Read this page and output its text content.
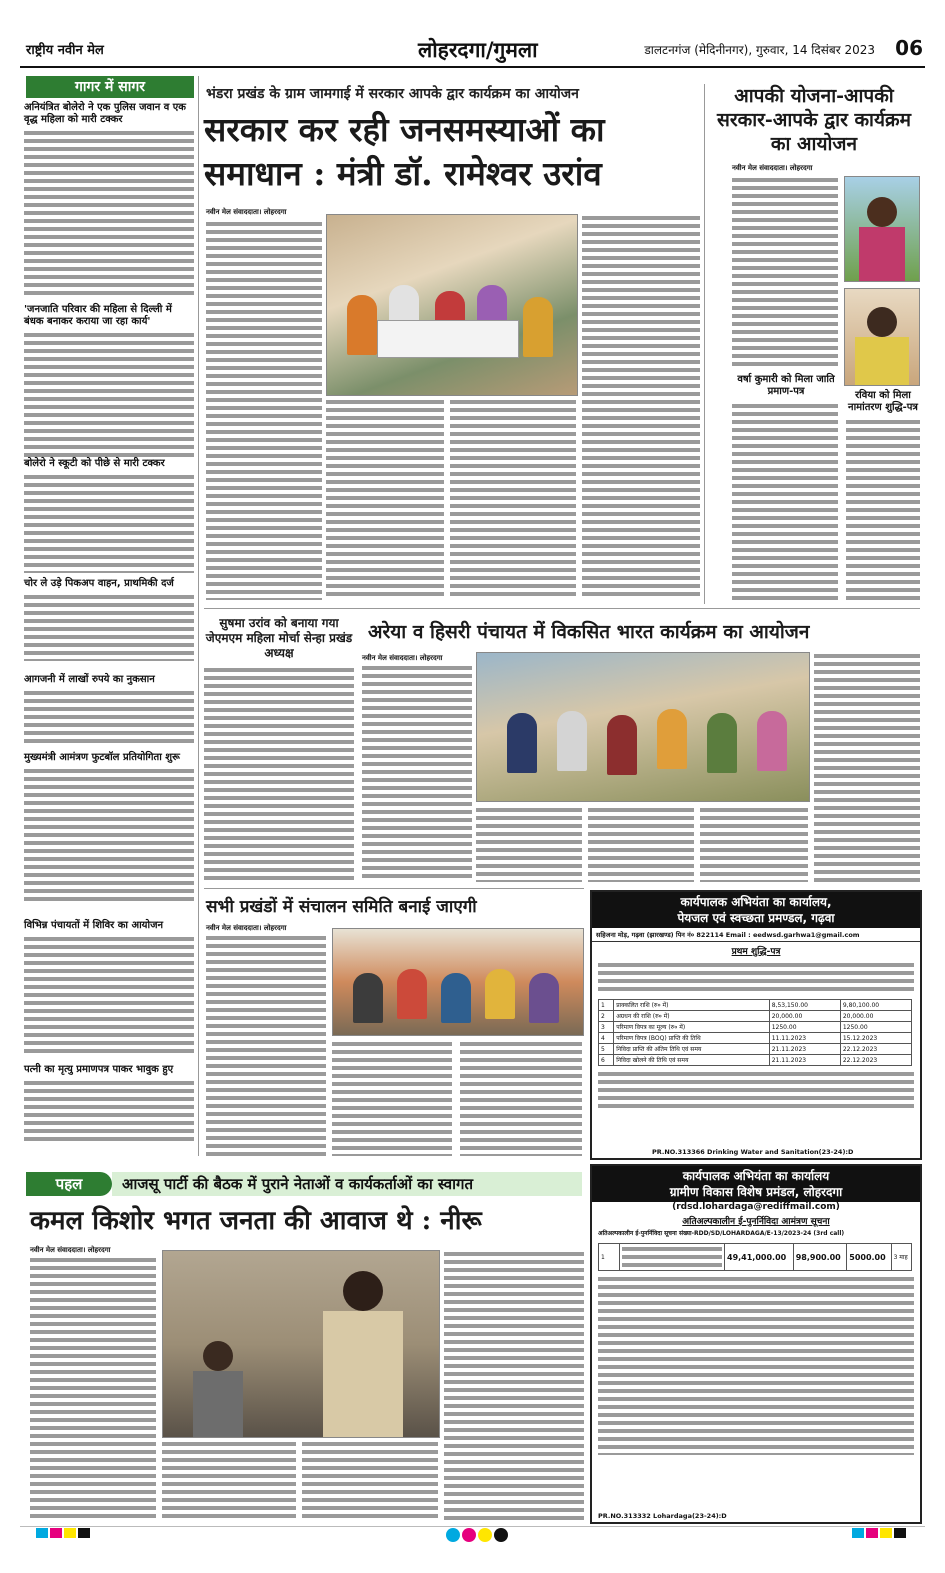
राष्ट्रीय नवीन मेल	लोहरदगा/गुमला	डालटनगंज (मेदिनीनगर), गुरुवार, 14 दिसंबर 2023 06
गागर में सागर
अनियंत्रित बोलेरो ने एक पुलिस जवान व एक वृद्ध महिला को मारी टक्कर
'जनजाति परिवार की महिला से दिल्ली में बंधक बनाकर कराया जा रहा कार्य'
बोलेरो ने स्कूटी को पीछे से मारी टक्कर
चोर ले उड़े पिकअप वाहन, प्राथमिकी दर्ज
आगजनी में लाखों रुपये का नुकसान
मुख्यमंत्री आमंत्रण फुटबॉल प्रतियोगिता शुरू
विभिन्न पंचायतों में शिविर का आयोजन
पत्नी का मृत्यु प्रमाणपत्र पाकर भावुक हुए
भंडरा प्रखंड के ग्राम जामगाई में सरकार आपके द्वार कार्यक्रम का आयोजन
सरकार कर रही जनसमस्याओं का
समाधान : मंत्री डॉ. रामेश्वर उरांव
नवीन मेल संवाददाता। लोहरदगा
आपकी योजना-आपकी सरकार-आपके द्वार कार्यक्रम का आयोजन
नवीन मेल संवाददाता। लोहरदगा
वर्षा कुमारी को मिला जाति प्रमाण-पत्र	रविया को मिला नामांतरण शुद्धि-पत्र
सुषमा उरांव को बनाया गया जेएमएम महिला मोर्चा सेन्हा प्रखंड अध्यक्ष
अरेया व हिसरी पंचायत में विकसित भारत कार्यक्रम का आयोजन
नवीन मेल संवाददाता। लोहरदगा
सभी प्रखंडों में संचालन समिति बनाई जाएगी
नवीन मेल संवाददाता। लोहरदगा
कार्यपालक अभियंता का कार्यालय,
पेयजल एवं स्वच्छता प्रमण्डल, गढ़वा
सहिजना मोड़, गढ़वा (झारखण्ड) पिन नं० 822114 Email : eedwsd.garhwa1@gmail.com
प्रथम शुद्धि-पत्र
1	प्राक्कलित राशि (रु० में)	8,53,150.00	9,80,100.00
2	अग्रधन की राशि (रु० में)	20,000.00	20,000.00
3	परिमाण विपत्र का मूल्य (रु० में)	1250.00	1250.00
4	परिमाण विपत्र (BOQ) प्राप्ति की तिथि	11.11.2023	15.12.2023
5	निविदा प्राप्ति की अंतिम तिथि एवं समय	21.11.2023	22.12.2023
6	निविदा खोलने की तिथि एवं समय	21.11.2023	22.12.2023
PR.NO.313366 Drinking Water and Sanitation(23-24):D
पहल	आजसू पार्टी की बैठक में पुराने नेताओं व कार्यकर्ताओं का स्वागत
कमल किशोर भगत जनता की आवाज थे : नीरू
नवीन मेल संवाददाता। लोहरदगा
कार्यपालक अभियंता का कार्यालय
ग्रामीण विकास विशेष प्रमंडल, लोहरदगा
(rdsd.lohardaga@rediffmail.com)
अतिअल्पकालीन ई-पुनर्निविदा आमंत्रण सूचना
अतिअल्पकालीन ई-पुनर्निविदा सूचना संख्या-RDD/SD/LOHARDAGA/E-13/2023-24 (3rd call)
1		49,41,000.00	98,900.00	5000.00	3 माह
PR.NO.313332 Lohardaga(23-24):D
